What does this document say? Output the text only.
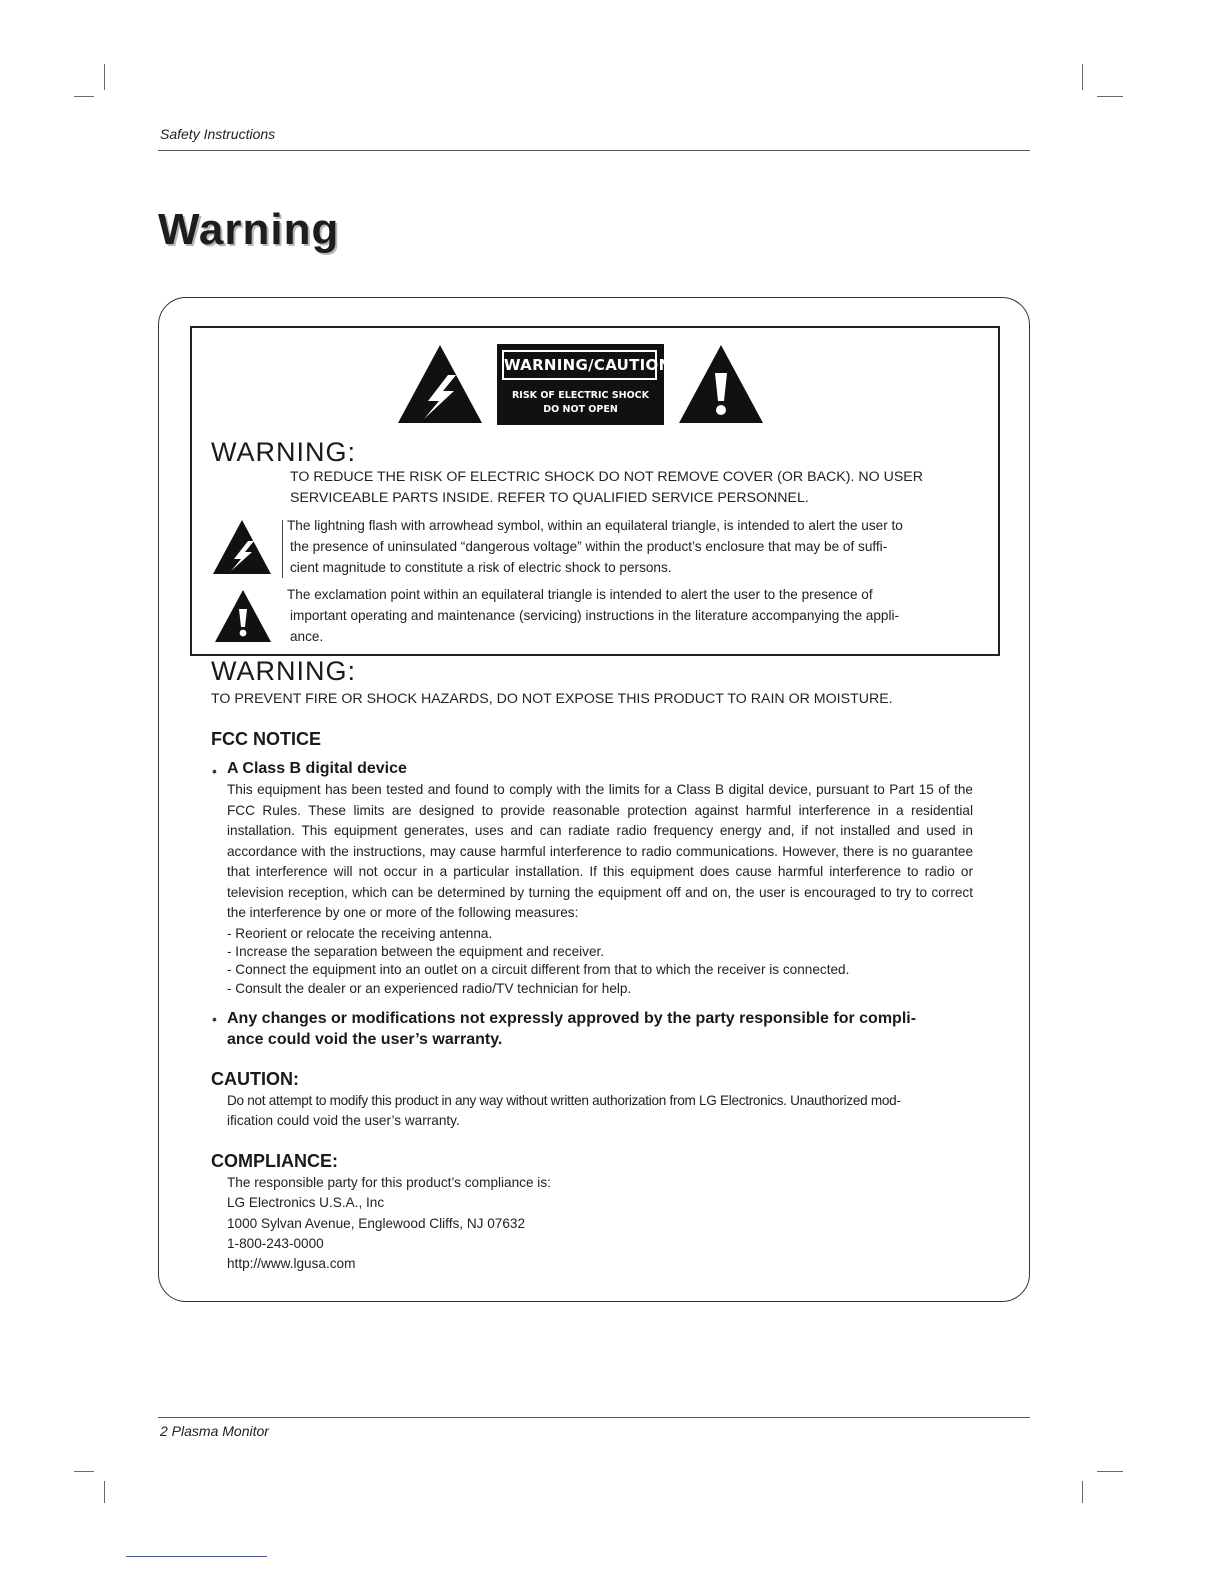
Safety Instructions
Warning
WARNING/CAUTION
RISK OF ELECTRIC SHOCK
DO NOT OPEN
WARNING:

TO REDUCE THE RISK OF ELECTRIC SHOCK DO NOT REMOVE COVER (OR BACK). NO USER

SERVICEABLE PARTS INSIDE. REFER TO QUALIFIED SERVICE PERSONNEL.

The lightning flash with arrowhead symbol, within an equilateral triangle, is intended to alert the user to

the presence of uninsulated “dangerous voltage” within the product’s enclosure that may be of suffi-

cient magnitude to constitute a risk of electric shock to persons.

The exclamation point within an equilateral triangle is intended to alert the user to the presence of

important operating and maintenance (servicing) instructions in the literature accompanying the appli-

ance.

WARNING:

TO PREVENT FIRE OR SHOCK HAZARDS, DO NOT EXPOSE THIS PRODUCT TO RAIN OR MOISTURE.

FCC NOTICE
• A Class B digital device

This equipment has been tested and found to comply with the limits for a Class B digital device, pursuant to Part 15 of the FCC Rules. These limits are designed to provide reasonable protection against harmful interference in a residential installation. This equipment generates, uses and can radiate radio frequency energy and, if not installed and used in accordance with the instructions, may cause harmful interference to radio communications. However, there is no guarantee that interference will not occur in a particular installation. If this equipment does cause harmful interference to radio or television reception, which can be determined by turning the equipment off and on, the user is encouraged to try to correct the interference by one or more of the following measures:

- Reorient or relocate the receiving antenna.
- Increase the separation between the equipment and receiver.
- Connect the equipment into an outlet on a circuit different from that to which the receiver is connected.
- Consult the dealer or an experienced radio/TV technician for help.
• Any changes or modifications not expressly approved by the party responsible for compli-

ance could void the user’s warranty.

CAUTION:
Do not attempt to modify this product in any way without written authorization from LG Electronics. Unauthorized mod-
ification could void the user’s warranty.
COMPLIANCE:
The responsible party for this product’s compliance is:
LG Electronics U.S.A., Inc
1000 Sylvan Avenue, Englewood Cliffs, NJ 07632
1-800-243-0000
http://www.lgusa.com
2 Plasma Monitor
